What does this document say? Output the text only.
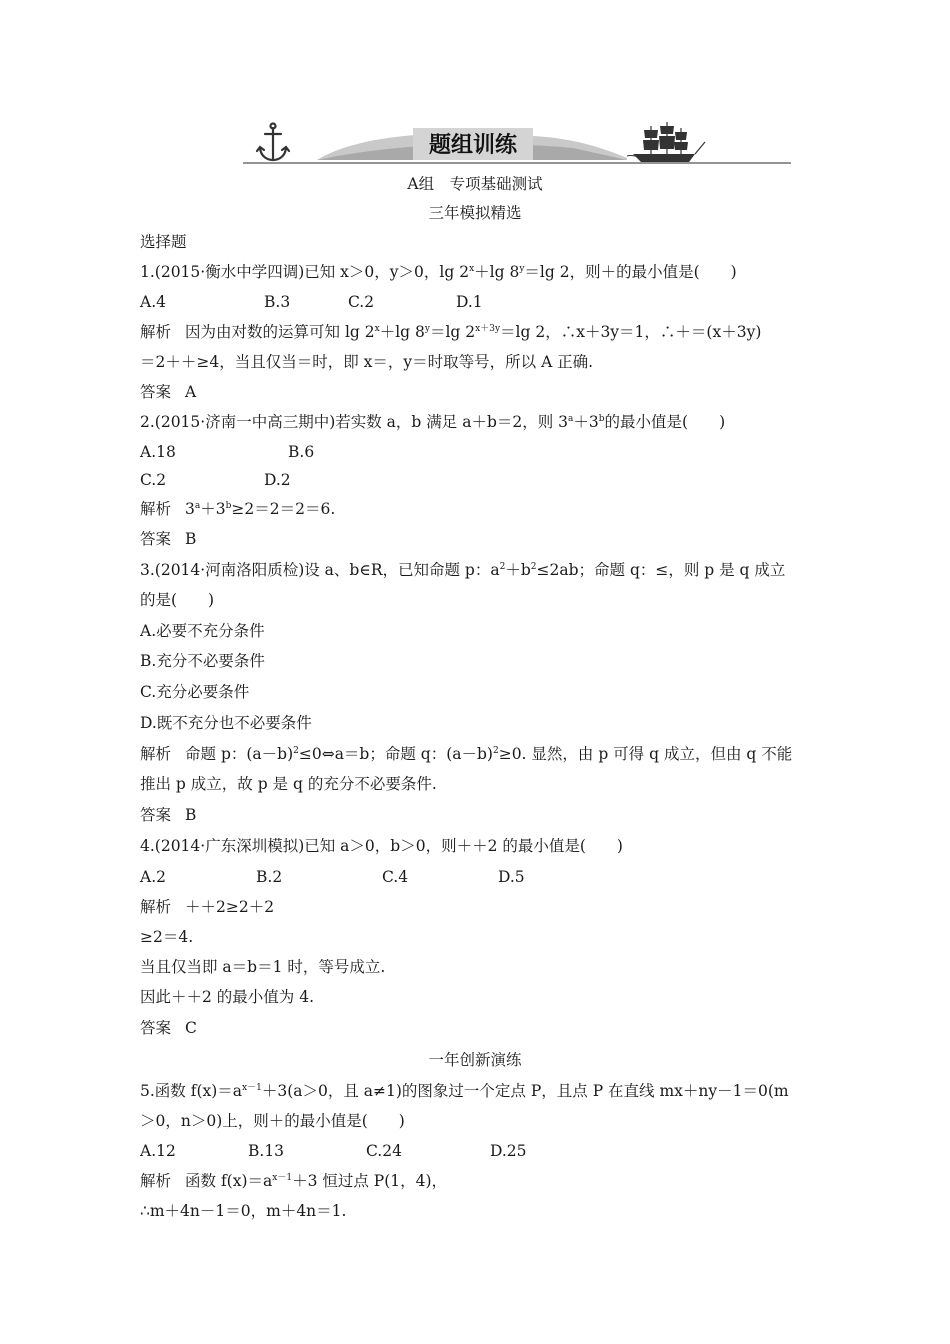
题组训练
A组　专项基础测试
三年模拟精选
选择题
1.(2015·衡水中学四调)已知 x＞0，y＞0，$\lg 2^x+\lg$ $8^y=\lg$ 2，则＋的最小值是(　　)
A.4	B.3	C.2	D.1
解析 因为由对数的运算可知 $\lg 2^x+\lg$ $8^y=\lg$ $2^{x+3y}=\lg$ 2，∴x＋3y＝1，∴＋＝(x＋3y)
＝2＋＋≥4，当且仅当＝时，即 x＝，y＝时取等号，所以 A 正确.
答案 A
2.(2015·济南一中高三期中)若实数 a，b 满足 a＋b＝2，则 $3^a+3^b$的最小值是(　　)
A.18	B.6
C.2	D.2
解析 $3^a+3^b\ge 2=2=2=6$.
答案 B
3.(2014·河南洛阳质检)设 a、b∈R，已知命题 p：$a^2+b^2\le 2ab$；命题 q：≤，则 p 是 q 成立
的是(　　)
A.必要不充分条件
B.充分不必要条件
C.充分必要条件
D.既不充分也不必要条件
解析 命题 p：$(a-b)^2\le 0\Leftrightarrow a=b$；命题 q：$(a-b)^2\ge 0$. 显然，由 p 可得 q 成立，但由 q 不能
推出 p 成立，故 p 是 q 的充分不必要条件.
答案 B
4.(2014·广东深圳模拟)已知 a＞0，b＞0，则＋＋2 的最小值是(　　)
A.2	B.2	C.4	D.5
解析 ＋＋2≥2＋2
≥2＝4.
当且仅当即 a＝b＝1 时，等号成立.
因此＋＋2 的最小值为 4.
答案 C
一年创新演练
5.函数 $f(x)=a^{x-1}+3(a>0$，且 a≠1)的图象过一个定点 P，且点 P 在直线 mx＋ny－1＝0(m
＞0，n＞0)上，则＋的最小值是(　　)
A.12	B.13	C.24	D.25
解析 函数 $f(x)=a^{x-1}+3$ 恒过点 P(1，4)，
∴m＋4n－1＝0，m＋4n＝1.
